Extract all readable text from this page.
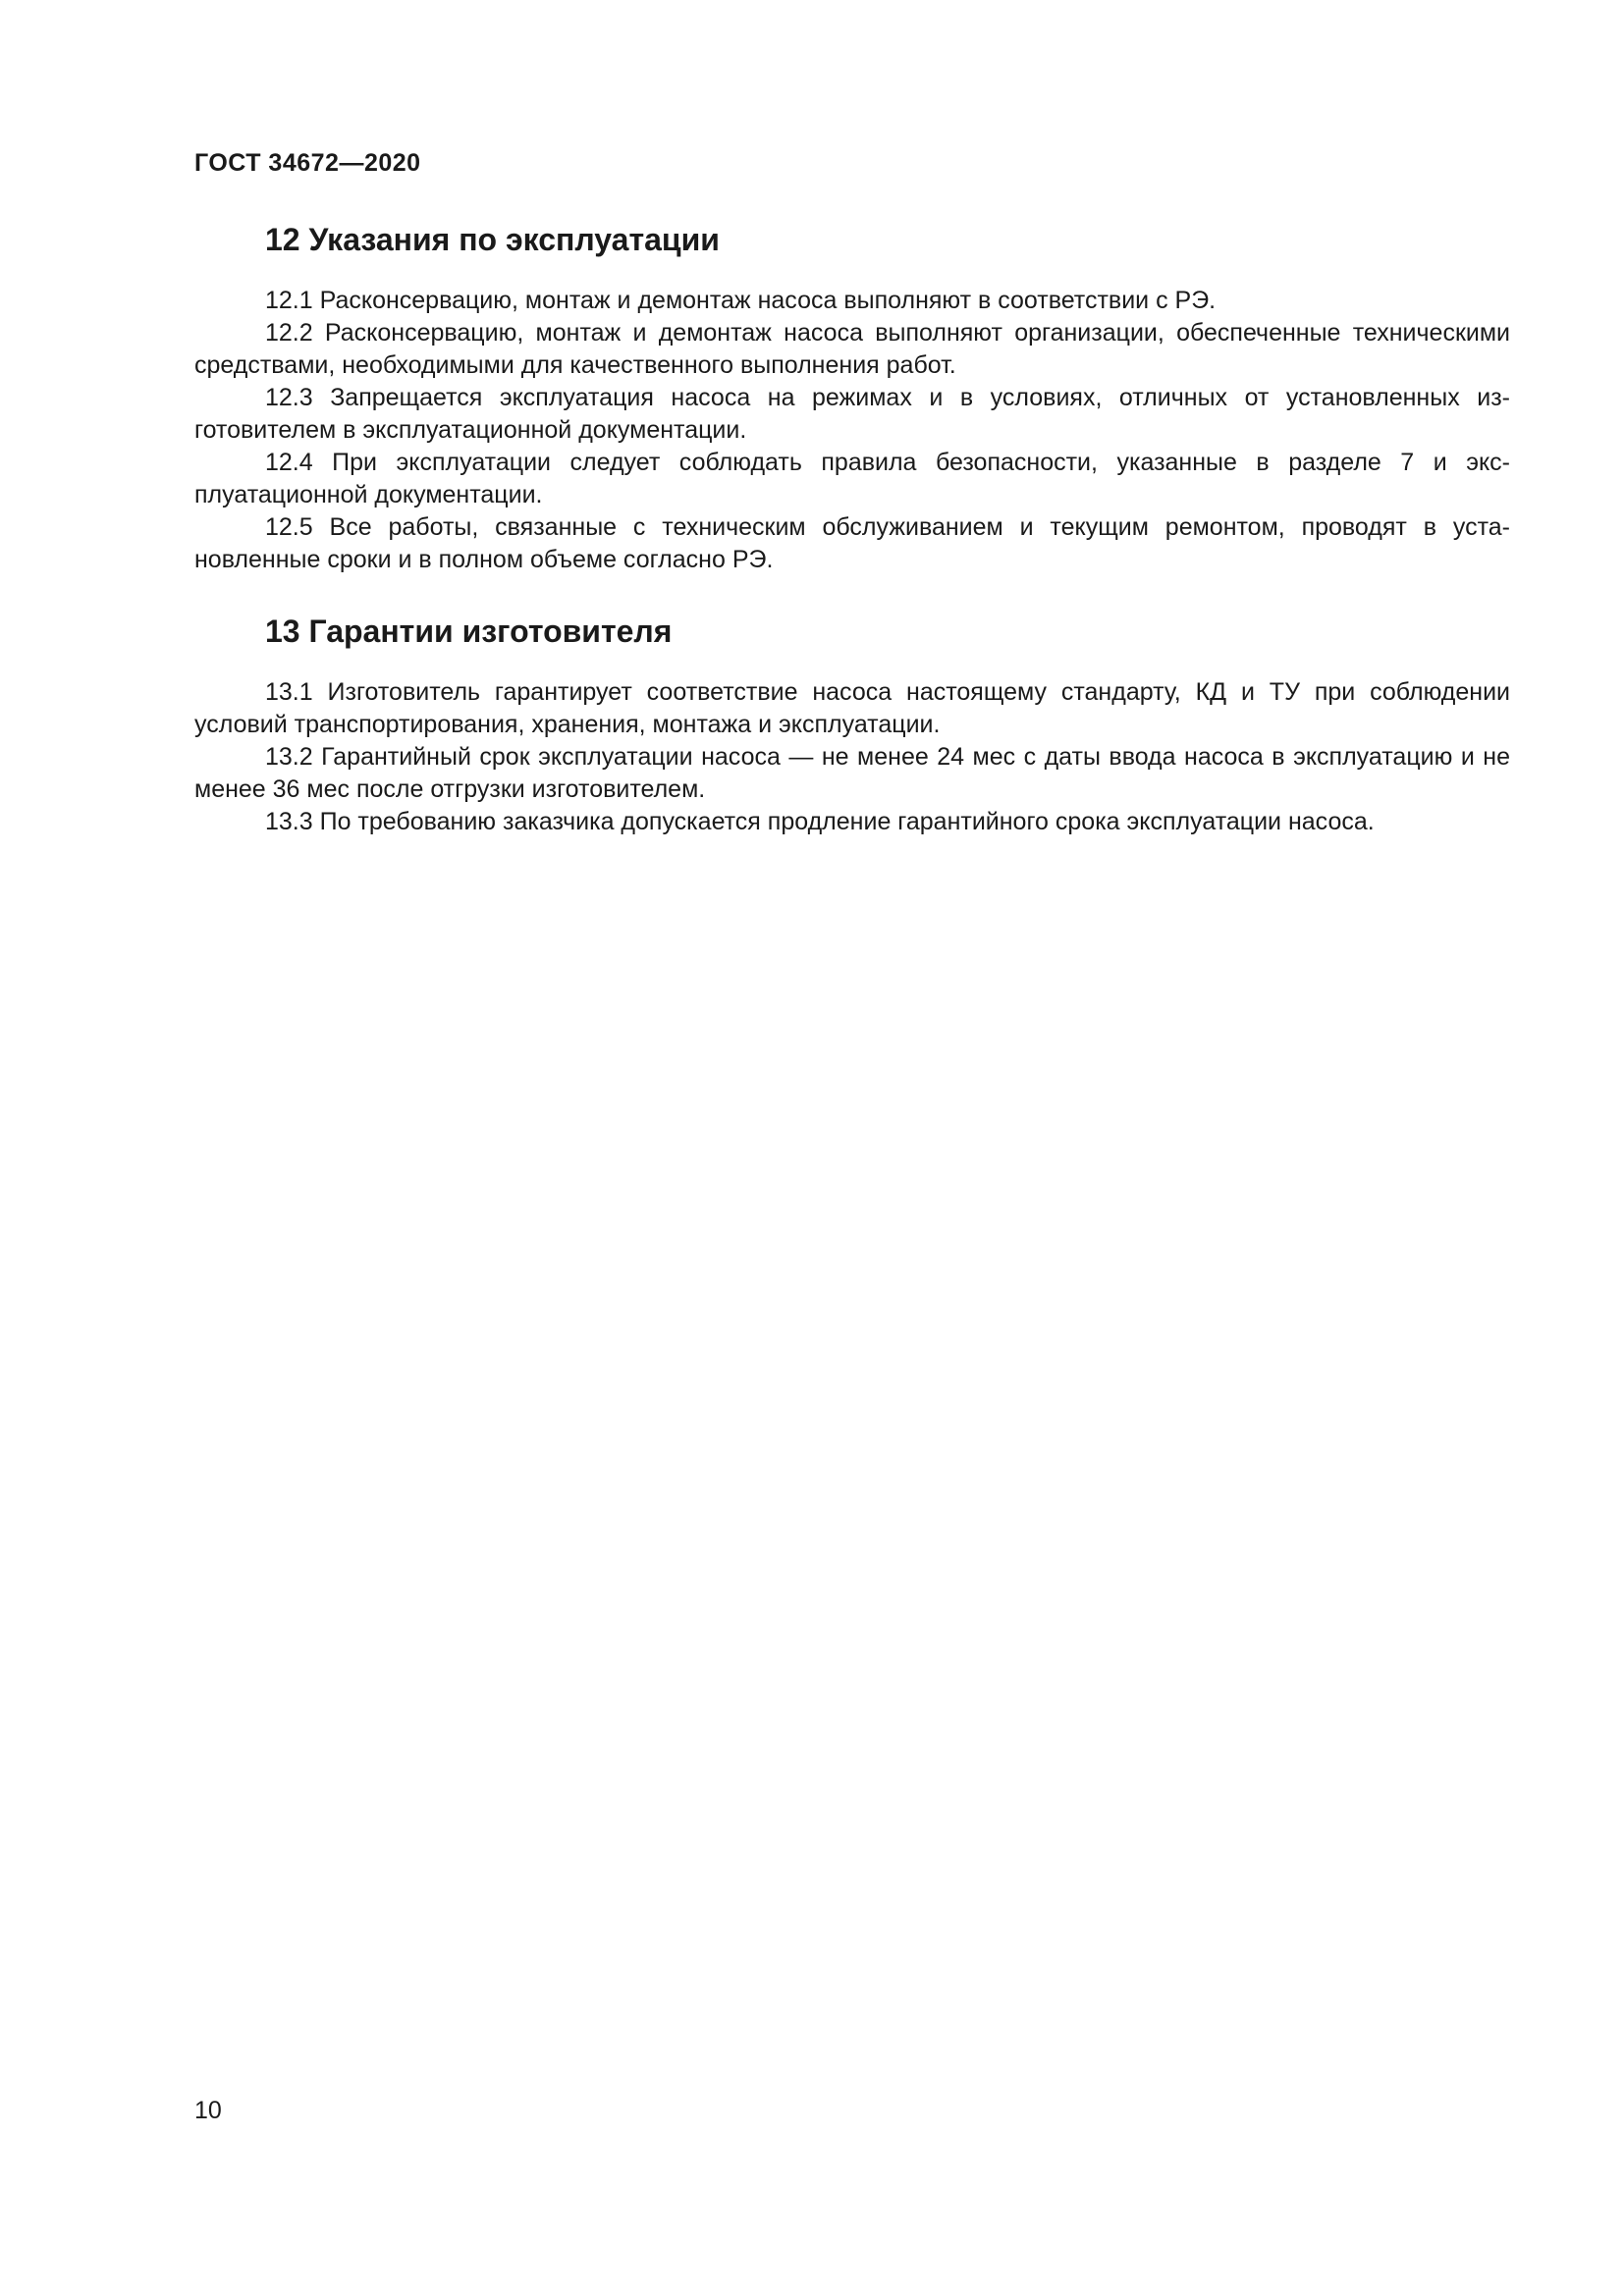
ГОСТ 34672—2020
12 Указания по эксплуатации

12.1 Расконсервацию, монтаж и демонтаж насоса выполняют в соответствии с РЭ.

12.2 Расконсервацию, монтаж и демонтаж насоса выполняют организации, обеспеченные техническими средствами, необходимыми для качественного выполнения работ.

12.3 Запрещается эксплуатация насоса на режимах и в условиях, отличных от установленных изготовителем в эксплуатационной документации.

12.4 При эксплуатации следует соблюдать правила безопасности, указанные в разделе 7 и эксплуатационной документации.

12.5 Все работы, связанные с техническим обслуживанием и текущим ремонтом, проводят в установленные сроки и в полном объеме согласно РЭ.

13 Гарантии изготовителя

13.1 Изготовитель гарантирует соответствие насоса настоящему стандарту, КД и ТУ при соблюдении условий транспортирования, хранения, монтажа и эксплуатации.

13.2 Гарантийный срок эксплуатации насоса — не менее 24 мес с даты ввода насоса в эксплуатацию и не менее 36 мес после отгрузки изготовителем.

13.3 По требованию заказчика допускается продление гарантийного срока эксплуатации насоса.

10
